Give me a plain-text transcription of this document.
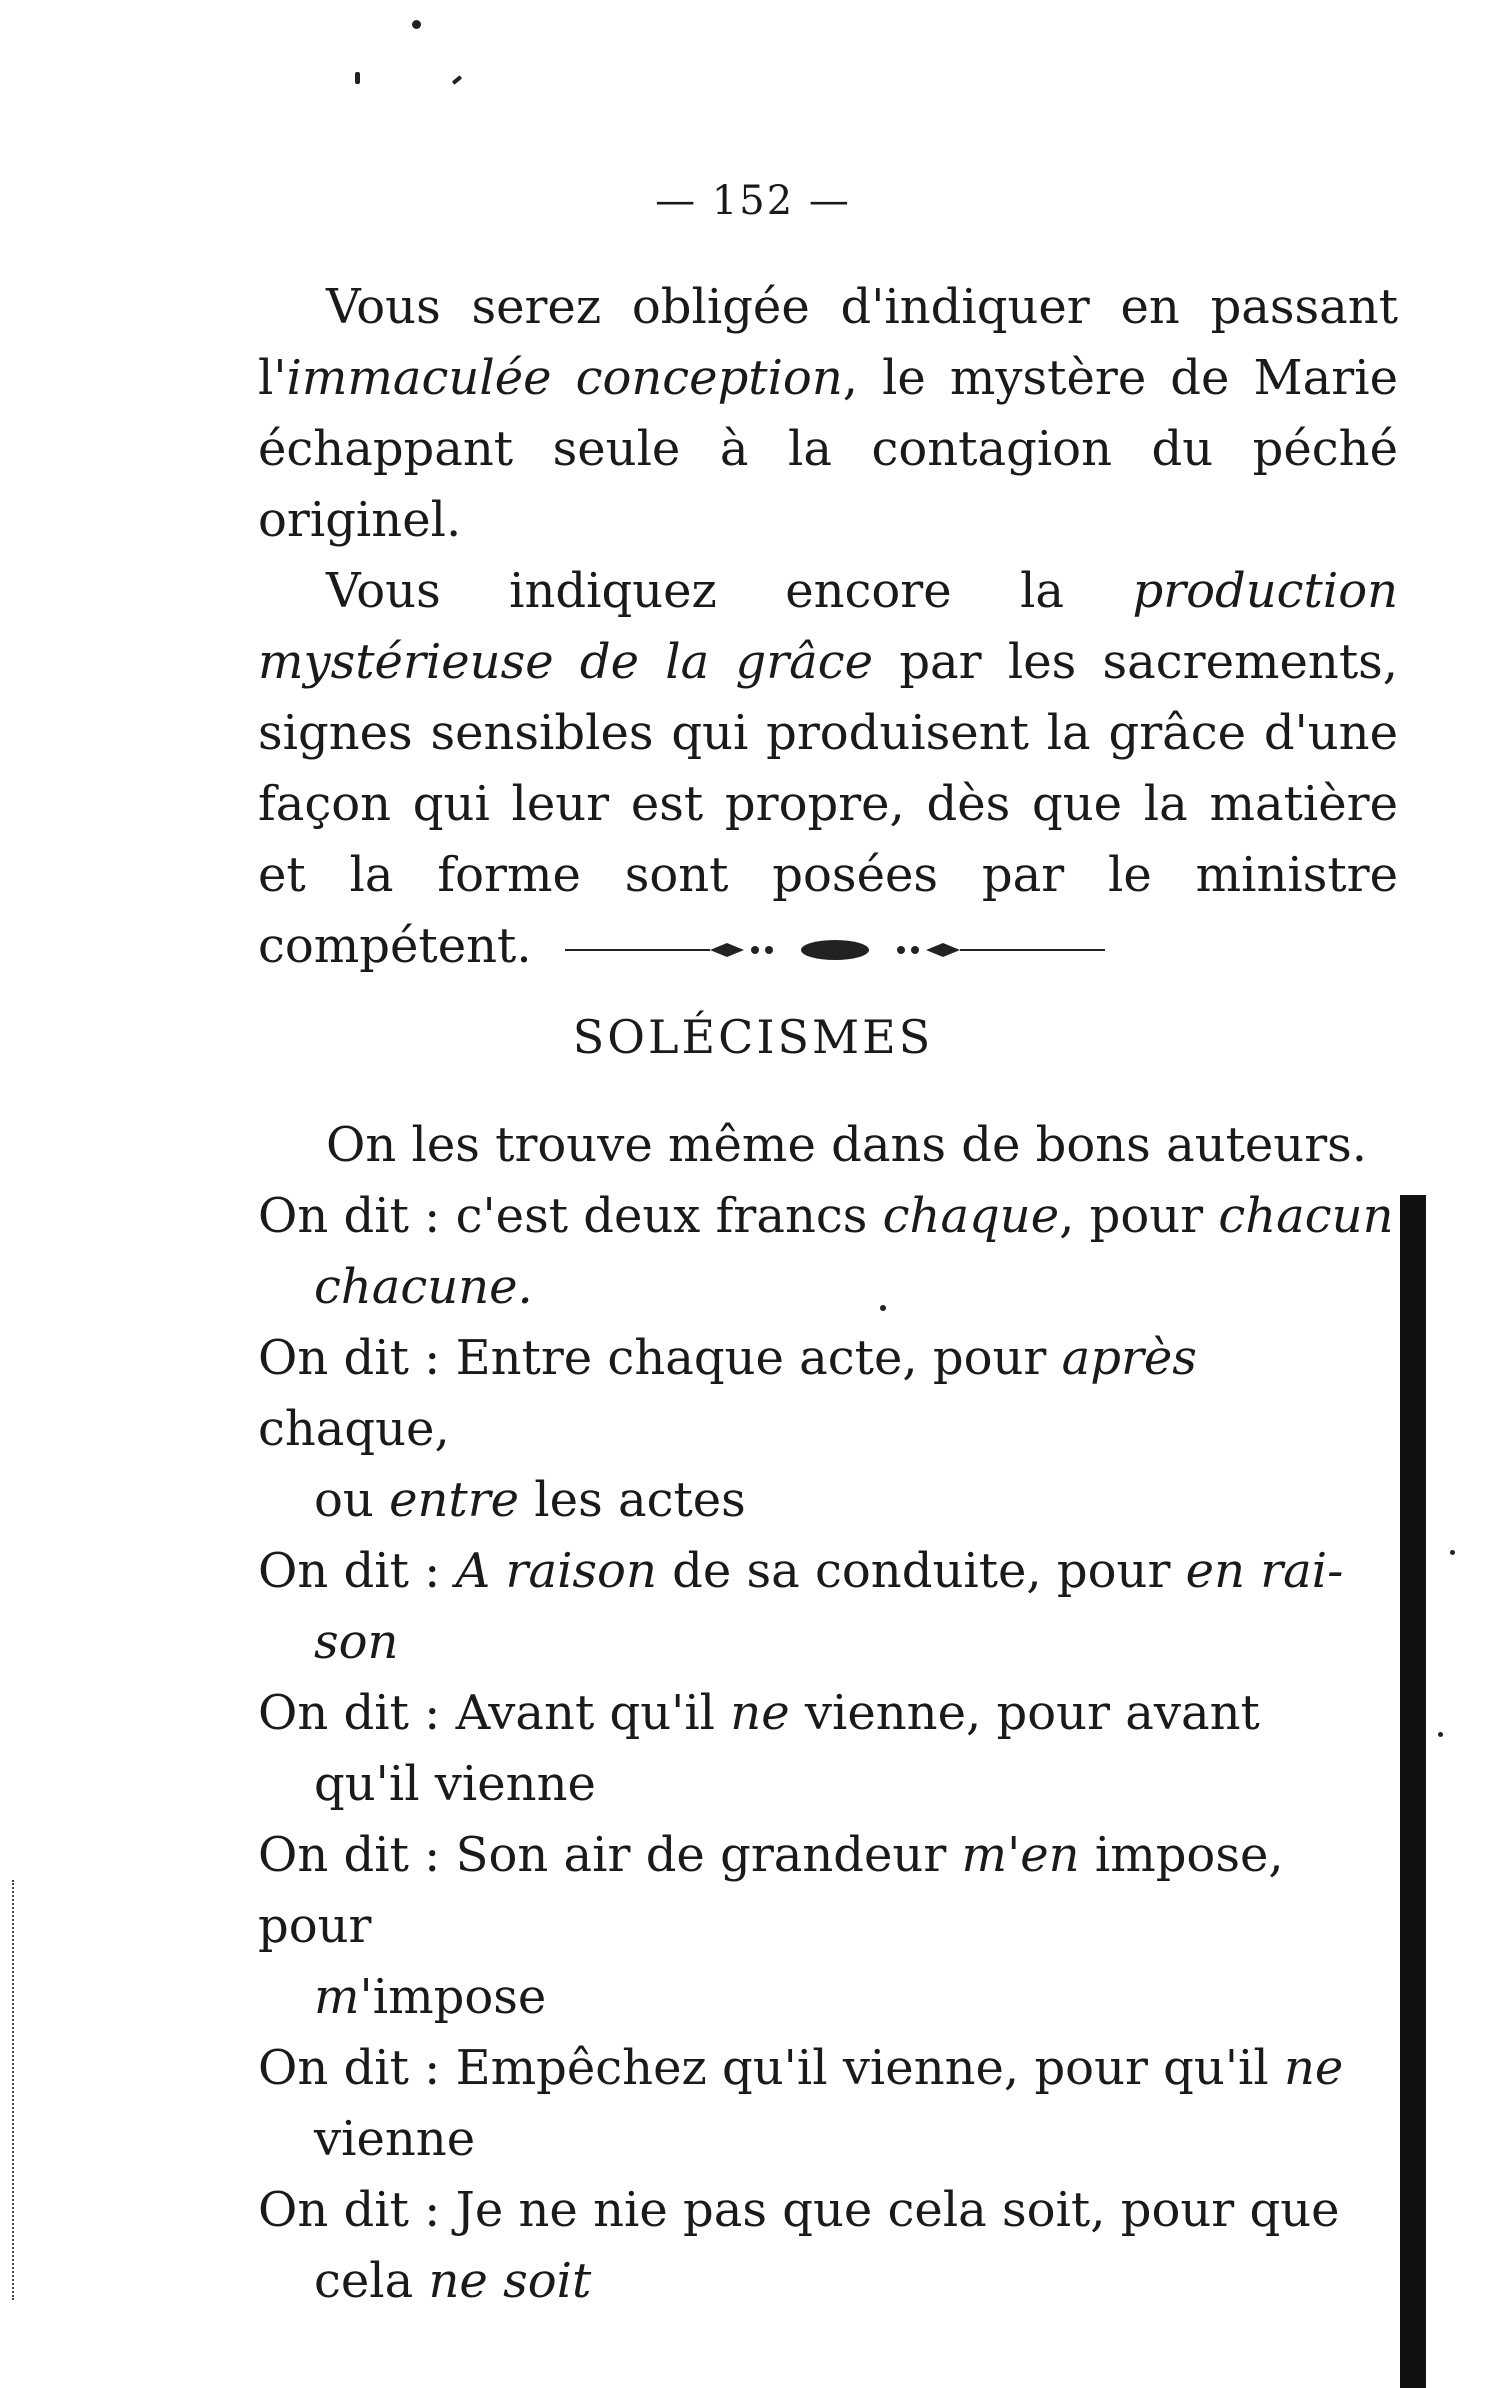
— 152 —

Vous serez obligée d'indiquer en passant l'immaculée conception, le mystère de Marie échappant seule à la contagion du péché originel.

Vous indiquez encore la production mystérieuse de la grâce par les sacrements, signes sensibles qui produisent la grâce d'une façon qui leur est propre, dès que la matière et la forme sont posées par le ministre compétent.

SOLÉCISMES

On les trouve même dans de bons auteurs.

On dit : c'est deux francs chaque, pour chacun

chacune.

On dit : Entre chaque acte, pour après chaque,

ou entre les actes

On dit : A raison de sa conduite, pour en rai-

son

On dit : Avant qu'il ne vienne, pour avant

qu'il vienne

On dit : Son air de grandeur m'en impose, pour

m'impose

On dit : Empêchez qu'il vienne, pour qu'il ne

vienne

On dit : Je ne nie pas que cela soit, pour que

cela ne soit
